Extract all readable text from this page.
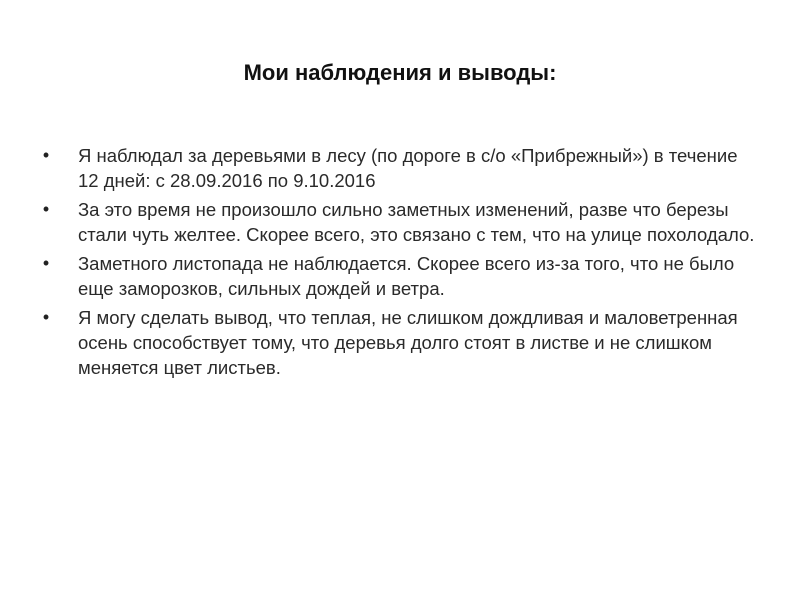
Мои наблюдения и выводы:
• Я наблюдал за деревьями в лесу (по дороге в с/о «Прибрежный») в течение 12 дней: с 28.09.2016 по 9.10.2016
• За это время не произошло сильно заметных изменений, разве что березы стали чуть желтее. Скорее всего, это связано с тем, что на улице похолодало.
• Заметного листопада не наблюдается. Скорее всего из-за того, что не было еще заморозков, сильных дождей и ветра.
• Я могу сделать вывод, что теплая, не слишком дождливая и маловетренная осень способствует тому, что деревья долго стоят в листве и не слишком меняется цвет листьев.
